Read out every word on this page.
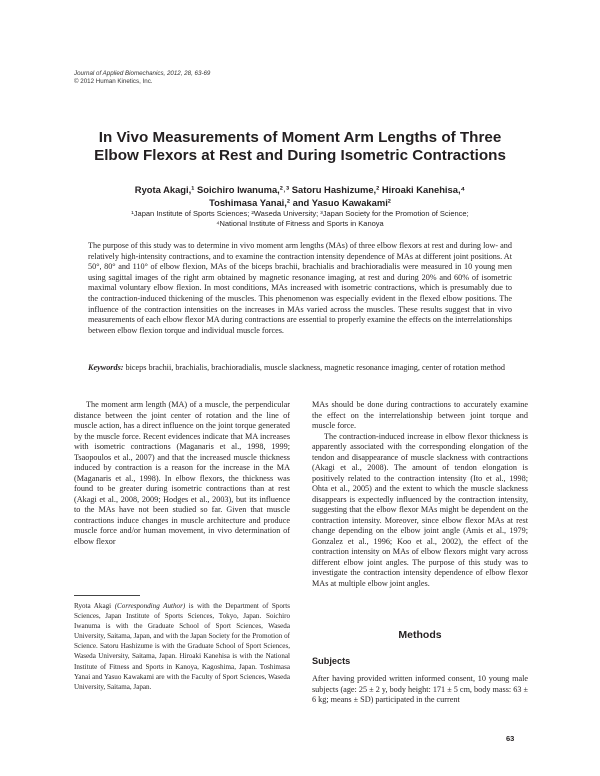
Journal of Applied Biomechanics, 2012, 28, 63-69
© 2012 Human Kinetics, Inc.
In Vivo Measurements of Moment Arm Lengths of Three
Elbow Flexors at Rest and During Isometric Contractions
Ryota Akagi,¹ Soichiro Iwanuma,²˒³ Satoru Hashizume,² Hiroaki Kanehisa,⁴
Toshimasa Yanai,² and Yasuo Kawakami²
¹Japan Institute of Sports Sciences; ²Waseda University; ³Japan Society for the Promotion of Science;
⁴National Institute of Fitness and Sports in Kanoya
The purpose of this study was to determine in vivo moment arm lengths (MAs) of three elbow flexors at rest and during low- and relatively high-intensity contractions, and to examine the contraction intensity dependence of MAs at different joint positions. At 50°, 80° and 110° of elbow flexion, MAs of the biceps brachii, brachialis and brachioradialis were measured in 10 young men using sagittal images of the right arm obtained by magnetic resonance imaging, at rest and during 20% and 60% of isometric maximal voluntary elbow flexion. In most conditions, MAs increased with isometric contractions, which is presumably due to the contraction-induced thickening of the muscles. This phenomenon was especially evident in the flexed elbow positions. The influence of the contraction intensities on the increases in MAs varied across the muscles. These results suggest that in vivo measurements of each elbow flexor MA during contractions are essential to properly examine the effects on the interrelationships between elbow flexion torque and individual muscle forces.
Keywords: biceps brachii, brachialis, brachioradialis, muscle slackness, magnetic resonance imaging, center of rotation method

The moment arm length (MA) of a muscle, the perpendicular distance between the joint center of rotation and the line of muscle action, has a direct influence on the joint torque generated by the muscle force. Recent evidences indicate that MA increases with isometric contractions (Maganaris et al., 1998, 1999; Tsaopoulos et al., 2007) and that the increased muscle thickness induced by contraction is a reason for the increase in the MA (Maganaris et al., 1998). In elbow flexors, the thickness was found to be greater during isometric contractions than at rest (Akagi et al., 2008, 2009; Hodges et al., 2003), but its influence to the MAs have not been studied so far. Given that muscle contractions induce changes in muscle architecture and produce muscle force and/or human movement, in vivo determination of elbow flexor

MAs should be done during contractions to accurately examine the effect on the interrelationship between joint torque and muscle force.

The contraction-induced increase in elbow flexor thickness is apparently associated with the corresponding elongation of the tendon and disappearance of muscle slackness with contractions (Akagi et al., 2008). The amount of tendon elongation is positively related to the contraction intensity (Ito et al., 1998; Ohta et al., 2005) and the extent to which the muscle slackness disappears is expectedly influenced by the contraction intensity, suggesting that the elbow flexor MAs might be dependent on the contraction intensity. Moreover, since elbow flexor MAs at rest change depending on the elbow joint angle (Amis et al., 1979; Gonzalez et al., 1996; Koo et al., 2002), the effect of the contraction intensity on MAs of elbow flexors might vary across different elbow joint angles. The purpose of this study was to investigate the contraction intensity dependence of elbow flexor MAs at multiple elbow joint angles.

Ryota Akagi (Corresponding Author) is with the Department of Sports Sciences, Japan Institute of Sports Sciences, Tokyo, Japan. Soichiro Iwanuma is with the Graduate School of Sport Sciences, Waseda University, Saitama, Japan, and with the Japan Society for the Promotion of Science. Satoru Hashizume is with the Graduate School of Sport Sciences, Waseda University, Saitama, Japan. Hiroaki Kanehisa is with the National Institute of Fitness and Sports in Kanoya, Kagoshima, Japan. Toshimasa Yanai and Yasuo Kawakami are with the Faculty of Sport Sciences, Waseda University, Saitama, Japan.
Methods
Subjects
After having provided written informed consent, 10 young male subjects (age: 25 ± 2 y, body height: 171 ± 5 cm, body mass: 63 ± 6 kg; means ± SD) participated in the current
63
